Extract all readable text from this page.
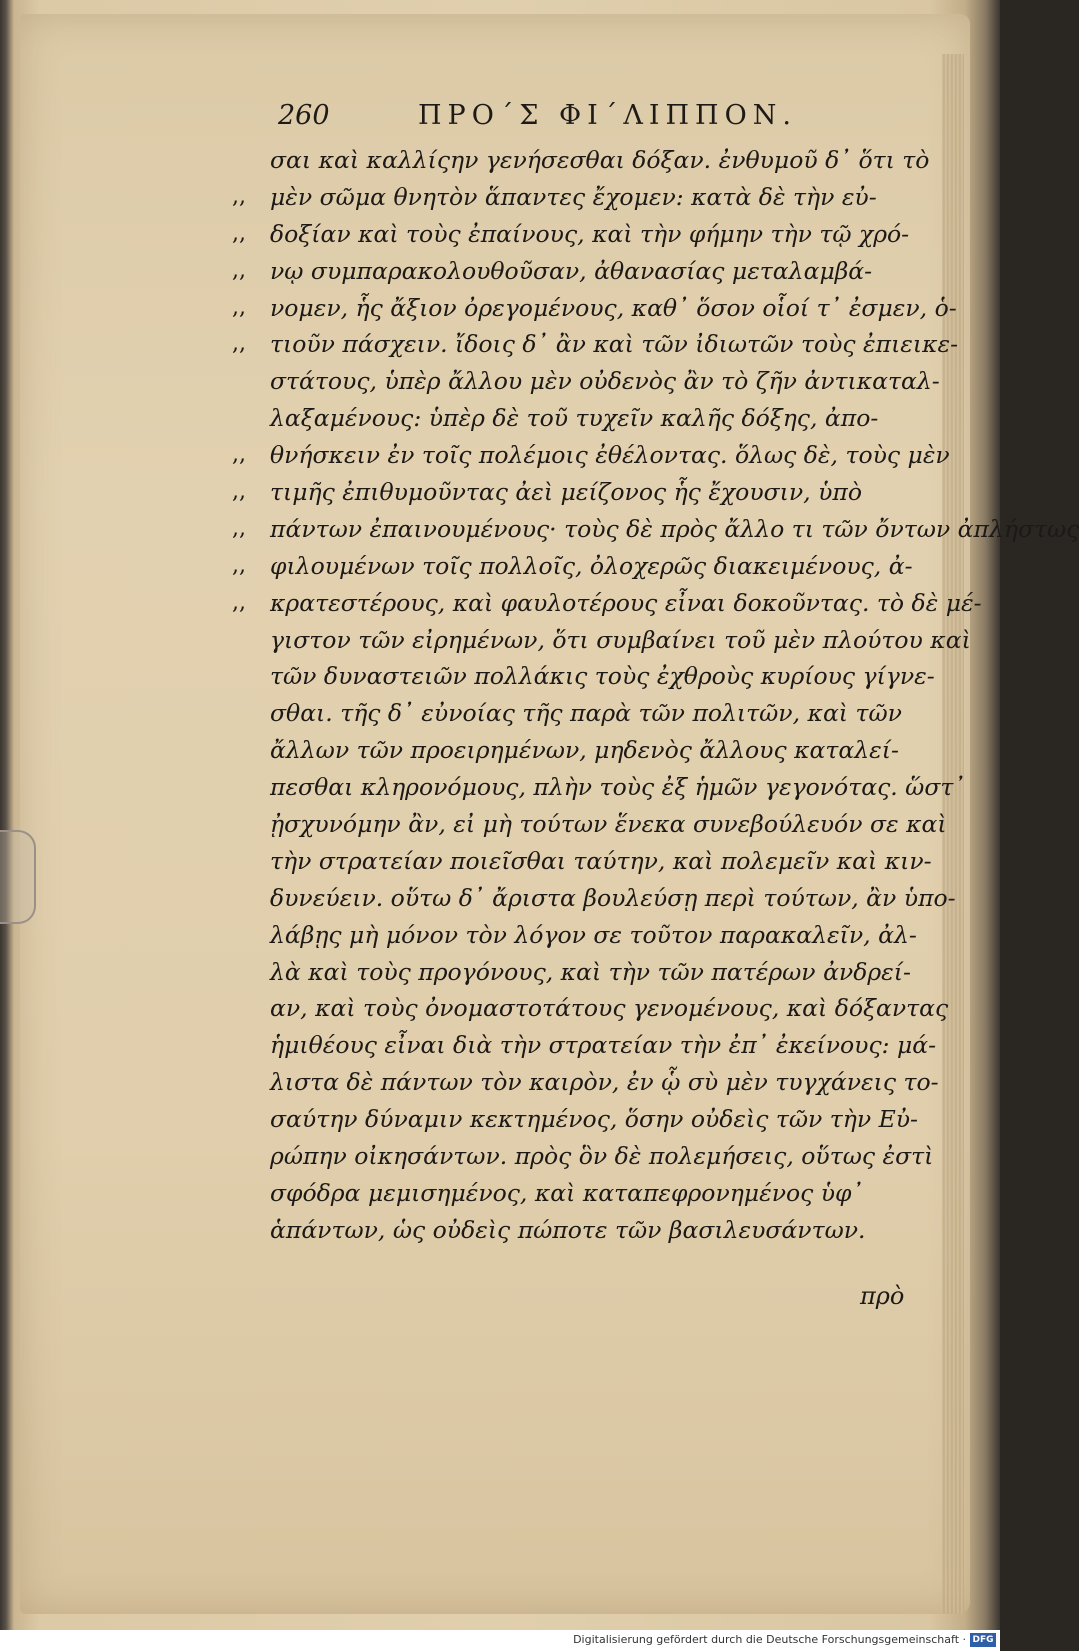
260	ΠΡΟ΄Σ ΦΙ΄ΛΙΠΠΟΝ.
σαι καὶ καλλίςην γενήσεσθαι δόξαν. ἐνθυμοῦ δ᾽ ὅτι τὸ
,, μὲν σῶμα θνητὸν ἅπαντες ἔχομεν: κατὰ δὲ τὴν εὐ-
,, δοξίαν καὶ τοὺς ἐπαίνους, καὶ τὴν φήμην τὴν τῷ χρό-
,, νῳ συμπαρακολουθοῦσαν, ἀθανασίας μεταλαμβά-
,, νομεν, ἧς ἄξιον ὀρεγομένους, καθ᾽ ὅσον οἷοί τ᾽ ἐσμεν, ὁ-
,, τιοῦν πάσχειν. ἴδοις δ᾽ ἂν καὶ τῶν ἰδιωτῶν τοὺς ἐπιεικε-
στάτους, ὑπὲρ ἄλλου μὲν οὐδενὸς ἂν τὸ ζῆν ἀντικαταλ-
λαξαμένους: ὑπὲρ δὲ τοῦ τυχεῖν καλῆς δόξης, ἀπο-
,, θνήσκειν ἐν τοῖς πολέμοις ἐθέλοντας. ὅλως δὲ, τοὺς μὲν
,, τιμῆς ἐπιθυμοῦντας ἀεὶ μείζονος ἧς ἔχουσιν, ὑπὸ
,, πάντων ἐπαινουμένους· τοὺς δὲ πρὸς ἄλλο τι τῶν ὄντων ἀπλήστως
,, φιλουμένων τοῖς πολλοῖς, ὀλοχερῶς διακειμένους, ἀ-
,, κρατεστέρους, καὶ φαυλοτέρους εἶναι δοκοῦντας. τὸ δὲ μέ-
γιστον τῶν εἰρημένων, ὅτι συμβαίνει τοῦ μὲν πλούτου καὶ
τῶν δυναστειῶν πολλάκις τοὺς ἐχθροὺς κυρίους γίγνε-
σθαι. τῆς δ᾽ εὐνοίας τῆς παρὰ τῶν πολιτῶν, καὶ τῶν
ἄλλων τῶν προειρημένων, μηδενὸς ἄλλους καταλεί-
πεσθαι κληρονόμους, πλὴν τοὺς ἐξ ἡμῶν γεγονότας. ὥστ᾽
ᾐσχυνόμην ἂν, εἰ μὴ τούτων ἕνεκα συνεβούλευόν σε καὶ
τὴν στρατείαν ποιεῖσθαι ταύτην, καὶ πολεμεῖν καὶ κιν-
δυνεύειν. οὕτω δ᾽ ἄριστα βουλεύσῃ περὶ τούτων, ἂν ὑπο-
λάβῃς μὴ μόνον τὸν λόγον σε τοῦτον παρακαλεῖν, ἀλ-
λὰ καὶ τοὺς προγόνους, καὶ τὴν τῶν πατέρων ἀνδρεί-
αν, καὶ τοὺς ὀνομαστοτάτους γενομένους, καὶ δόξαντας
ἡμιθέους εἶναι διὰ τὴν στρατείαν τὴν ἐπ᾽ ἐκείνους: μά-
λιστα δὲ πάντων τὸν καιρὸν, ἐν ᾧ σὺ μὲν τυγχάνεις το-
σαύτην δύναμιν κεκτημένος, ὅσην οὐδεὶς τῶν τὴν Εὐ-
ρώπην οἰκησάντων. πρὸς ὃν δὲ πολεμήσεις, οὕτως ἐστὶ
σφόδρα μεμισημένος, καὶ καταπεφρονημένος ὑφ᾽
ἁπάντων, ὡς οὐδεὶς πώποτε τῶν βασιλευσάντων.
πρὸ
Digitalisierung gefördert durch die Deutsche Forschungsgemeinschaft · DFG
